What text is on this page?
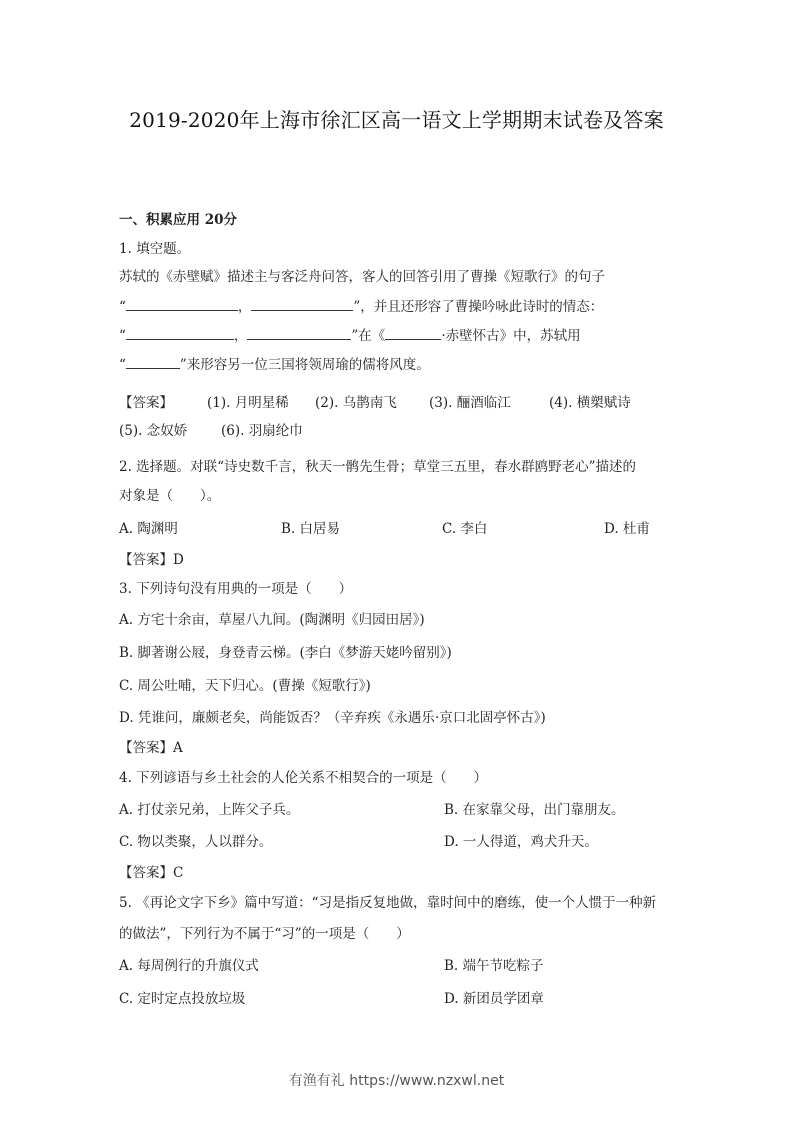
2019-2020年上海市徐汇区高一语文上学期期末试卷及答案
一、积累应用 20分
1. 填空题。
苏轼的《赤壁赋》描述主与客泛舟问答，客人的回答引用了曹操《短歌行》的句子
“	，	”，并且还形容了曹操吟咏此诗时的情态：
“	，	”在《	·赤壁怀古》中，苏轼用
“	”来形容另一位三国将领周瑜的儒将风度。
【答案】	(1). 月明星稀 (2). 乌鹊南飞 (3). 酾酒临江	(4). 横槊赋诗
(5). 念奴娇	(6). 羽扇纶巾
2. 选择题。对联“诗史数千言，秋天一鹘先生骨；草堂三五里，春水群鸥野老心”描述的
对象是（　　）。
A. 陶渊明	B. 白居易	C. 李白	D. 杜甫
【答案】D
3. 下列诗句没有用典的一项是（　　）
A. 方宅十余亩，草屋八九间。(陶渊明《归园田居》)
B. 脚著谢公屐，身登青云梯。(李白《梦游天姥吟留别》)
C. 周公吐哺，天下归心。(曹操《短歌行》)
D. 凭谁问，廉颇老矣，尚能饭否？（辛弃疾《永遇乐·京口北固亭怀古》)
【答案】A
4. 下列谚语与乡土社会的人伦关系不相契合的一项是（　　）
A. 打仗亲兄弟，上阵父子兵。	B. 在家靠父母，出门靠朋友。
C. 物以类聚，人以群分。	D. 一人得道，鸡犬升天。
【答案】C
5. 《再论文字下乡》篇中写道：“习是指反复地做，靠时间中的磨练，使一个人惯于一种新
的做法”，下列行为不属于“习”的一项是（　　）
A. 每周例行的升旗仪式	B. 端午节吃粽子
C. 定时定点投放垃圾	D. 新团员学团章
有渔有礼 https://www.nzxwl.net
